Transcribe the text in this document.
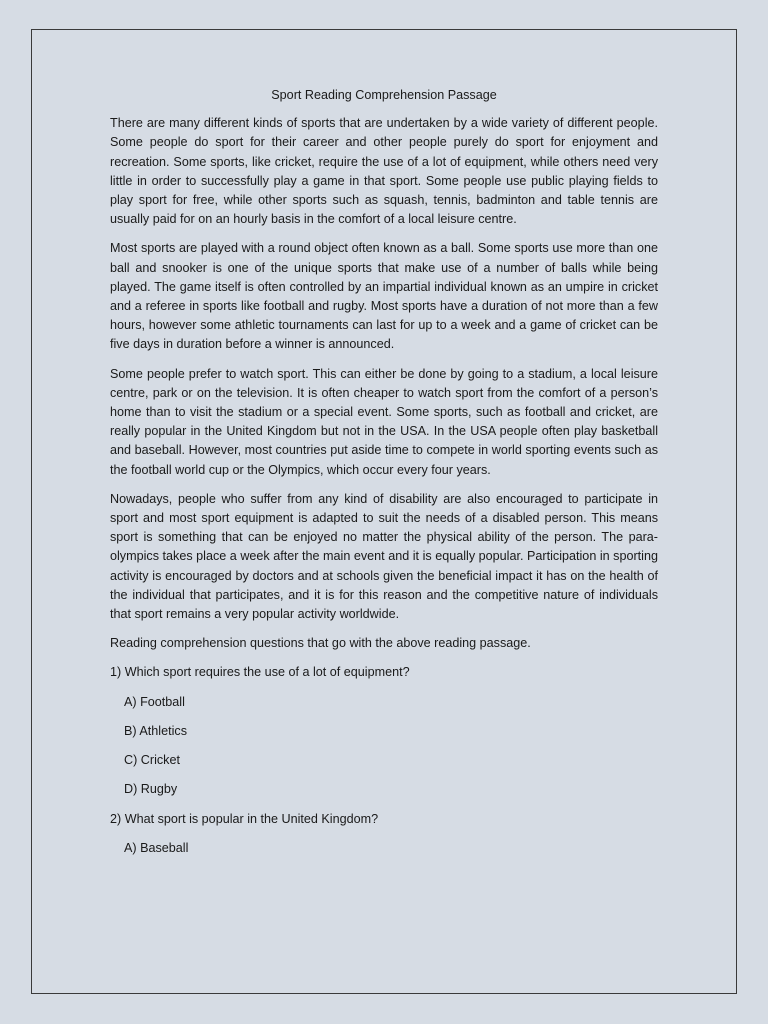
Sport Reading Comprehension Passage

There are many different kinds of sports that are undertaken by a wide variety of different people. Some people do sport for their career and other people purely do sport for enjoyment and recreation. Some sports, like cricket, require the use of a lot of equipment, while others need very little in order to successfully play a game in that sport. Some people use public playing fields to play sport for free, while other sports such as squash, tennis, badminton and table tennis are usually paid for on an hourly basis in the comfort of a local leisure centre.

Most sports are played with a round object often known as a ball. Some sports use more than one ball and snooker is one of the unique sports that make use of a number of balls while being played. The game itself is often controlled by an impartial individual known as an umpire in cricket and a referee in sports like football and rugby. Most sports have a duration of not more than a few hours, however some athletic tournaments can last for up to a week and a game of cricket can be five days in duration before a winner is announced.

Some people prefer to watch sport. This can either be done by going to a stadium, a local leisure centre, park or on the television. It is often cheaper to watch sport from the comfort of a person’s home than to visit the stadium or a special event. Some sports, such as football and cricket, are really popular in the United Kingdom but not in the USA. In the USA people often play basketball and baseball. However, most countries put aside time to compete in world sporting events such as the football world cup or the Olympics, which occur every four years.

Nowadays, people who suffer from any kind of disability are also encouraged to participate in sport and most sport equipment is adapted to suit the needs of a disabled person. This means sport is something that can be enjoyed no matter the physical ability of the person. The para-olympics takes place a week after the main event and it is equally popular. Participation in sporting activity is encouraged by doctors and at schools given the beneficial impact it has on the health of the individual that participates, and it is for this reason and the competitive nature of individuals that sport remains a very popular activity worldwide.

Reading comprehension questions that go with the above reading passage.

1) Which sport requires the use of a lot of equipment?

A) Football

B) Athletics

C) Cricket

D) Rugby

2) What sport is popular in the United Kingdom?

A) Baseball
